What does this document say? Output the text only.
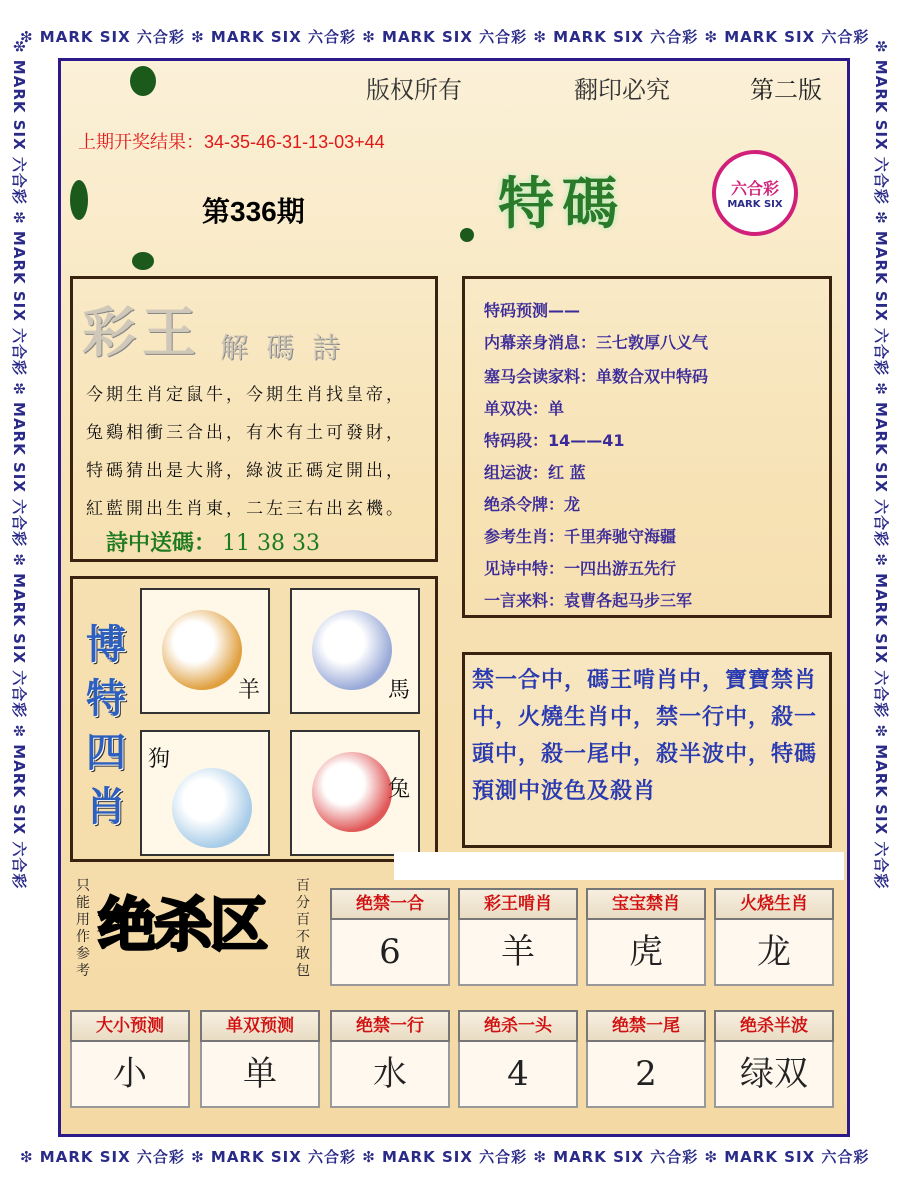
❇ MARK SIX 六合彩 ❇ MARK SIX 六合彩 ❇ MARK SIX 六合彩 ❇ MARK SIX 六合彩 ❇ MARK SIX 六合彩
❇ MARK SIX 六合彩 ❇ MARK SIX 六合彩 ❇ MARK SIX 六合彩 ❇ MARK SIX 六合彩 ❇ MARK SIX 六合彩
❇ MARK SIX 六合彩 ❇ MARK SIX 六合彩 ❇ MARK SIX 六合彩 ❇ MARK SIX 六合彩 ❇ MARK SIX 六合彩	❇ MARK SIX 六合彩 ❇ MARK SIX 六合彩 ❇ MARK SIX 六合彩 ❇ MARK SIX 六合彩 ❇ MARK SIX 六合彩
版权所有	翻印必究	第二版
上期开奖结果：34-35-46-31-13-03+44
第336期	特碼	六合彩
MARK SIX
彩王 解碼詩
今期生肖定鼠牛，今期生肖找皇帝，
兔鷄相衝三合出，有木有土可發財，
特碼猜出是大將，綠波正碼定開出，
紅藍開出生肖東，二左三右出玄機。
詩中送碼： 11 38 33
特码预测——
内幕亲身消息：三七敦厚八义气
塞马会读家料：单数合双中特码
单双决：单
特码段：14——41
组运波：红 蓝
绝杀令牌：龙
参考生肖：千里奔驰守海疆
见诗中特：一四出游五先行
一言来料：袁曹各起马步三军
博
特
四
肖
羊	馬
狗
兔
禁一合中，碼王啃肖中，寶寶禁肖中，火燒生肖中，禁一行中，殺一頭中，殺一尾中，殺半波中，特碼預測中波色及殺肖
只能用作参考
绝杀区
百分百不敢包
绝禁一合
6
彩王啃肖
羊
宝宝禁肖
虎
火烧生肖
龙
大小预测
小
单双预测
单
绝禁一行
水
绝杀一头
4
绝禁一尾
2
绝杀半波
绿双
